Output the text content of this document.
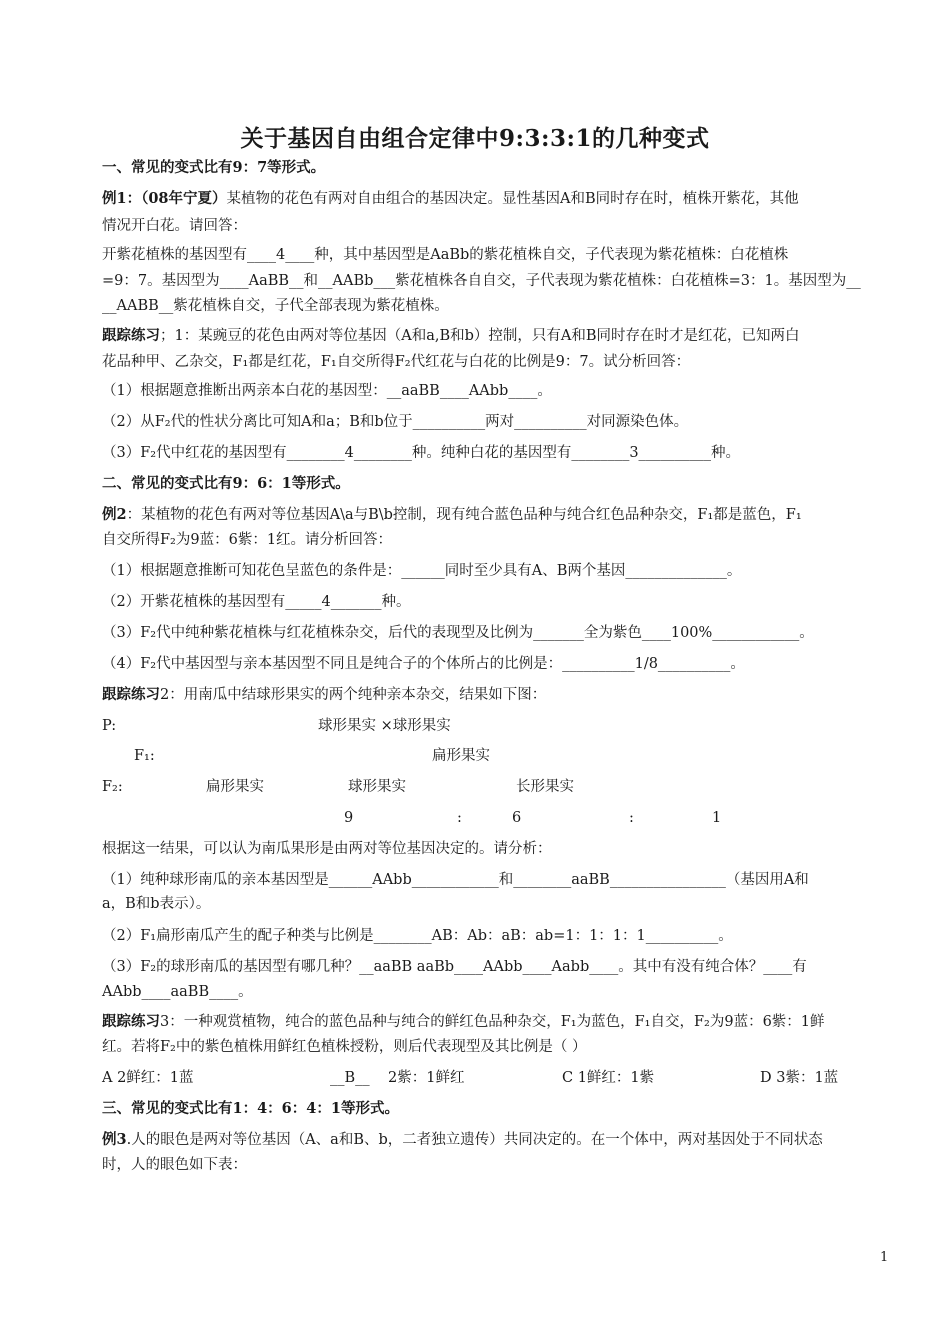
关于基因自由组合定律中9:3:3:1的几种变式
一、常见的变式比有9：7等形式。
例1：（08年宁夏）某植物的花色有两对自由组合的基因决定。显性基因A和B同时存在时，植株开紫花，其他
情况开白花。请回答：
开紫花植株的基因型有____4____种，其中基因型是AaBb的紫花植株自交，子代表现为紫花植株：白花植株
=9：7。基因型为____AaBB__和__AABb___紫花植株各自自交，子代表现为紫花植株：白花植株=3：1。基因型为__
__AABB__紫花植株自交，子代全部表现为紫花植株。
跟踪练习；1：某豌豆的花色由两对等位基因（A和a,B和b）控制，只有A和B同时存在时才是红花，已知两白
花品种甲、乙杂交，F₁都是红花，F₁自交所得F₂代红花与白花的比例是9：7。试分析回答：
（1）根据题意推断出两亲本白花的基因型：__aaBB____AAbb____。
（2）从F₂代的性状分离比可知A和a；B和b位于__________两对__________对同源染色体。
（3）F₂代中红花的基因型有________4________种。纯种白花的基因型有________3__________种。
二、常见的变式比有9：6：1等形式。
例2：某植物的花色有两对等位基因A\a与B\b控制，现有纯合蓝色品种与纯合红色品种杂交，F₁都是蓝色，F₁
自交所得F₂为9蓝：6紫：1红。请分析回答：
（1）根据题意推断可知花色呈蓝色的条件是：______同时至少具有A、B两个基因______________。
（2）开紫花植株的基因型有_____4_______种。
（3）F₂代中纯种紫花植株与红花植株杂交，后代的表现型及比例为_______全为紫色____100%____________。
（4）F₂代中基因型与亲本基因型不同且是纯合子的个体所占的比例是：__________1/8__________。
跟踪练习2：用南瓜中结球形果实的两个纯种亲本杂交，结果如下图：
P:	球形果实 ×球形果实
F₁:	扁形果实
F₂:	扁形果实	球形果实	长形果实
9	:	6	:	1
根据这一结果，可以认为南瓜果形是由两对等位基因决定的。请分析：
（1）纯种球形南瓜的亲本基因型是______AAbb____________和________aaBB________________（基因用A和
a，B和b表示）。
（2）F₁扁形南瓜产生的配子种类与比例是________AB：Ab：aB：ab=1：1：1：1__________。
（3）F₂的球形南瓜的基因型有哪几种？__aaBB aaBb____AAbb____Aabb____。其中有没有纯合体？____有
AAbb____aaBB____。
跟踪练习3：一种观赏植物，纯合的蓝色品种与纯合的鲜红色品种杂交，F₁为蓝色，F₁自交，F₂为9蓝：6紫：1鲜
红。若将F₂中的紫色植株用鲜红色植株授粉，则后代表现型及其比例是（ ）
A 2鲜红：1蓝	__B__ 2紫：1鲜红	C 1鲜红：1紫	D 3紫：1蓝
三、常见的变式比有1：4：6：4：1等形式。
例3.人的眼色是两对等位基因（A、a和B、b，二者独立遗传）共同决定的。在一个体中，两对基因处于不同状态
时，人的眼色如下表：
1
